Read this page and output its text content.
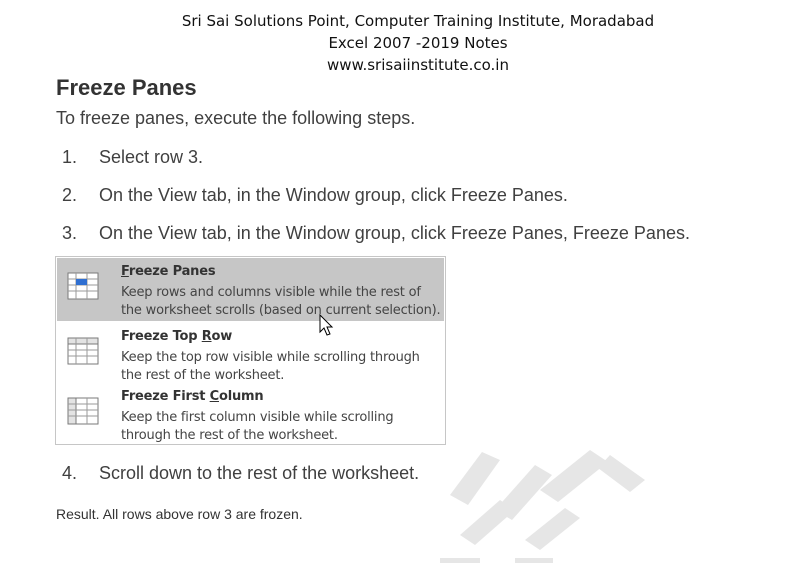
Sri Sai Solutions Point, Computer Training Institute, Moradabad
Excel 2007 -2019 Notes
www.srisaiinstitute.co.in
Freeze Panes
To freeze panes, execute the following steps.
1. Select row 3.
2. On the View tab, in the Window group, click Freeze Panes.
3. On the View tab, in the Window group, click Freeze Panes, Freeze Panes.
Freeze Panes
Keep rows and columns visible while the rest of
the worksheet scrolls (based on current selection).
Freeze Top Row
Keep the top row visible while scrolling through
the rest of the worksheet.
Freeze First Column
Keep the first column visible while scrolling
through the rest of the worksheet.
4. Scroll down to the rest of the worksheet.
Result. All rows above row 3 are frozen.
